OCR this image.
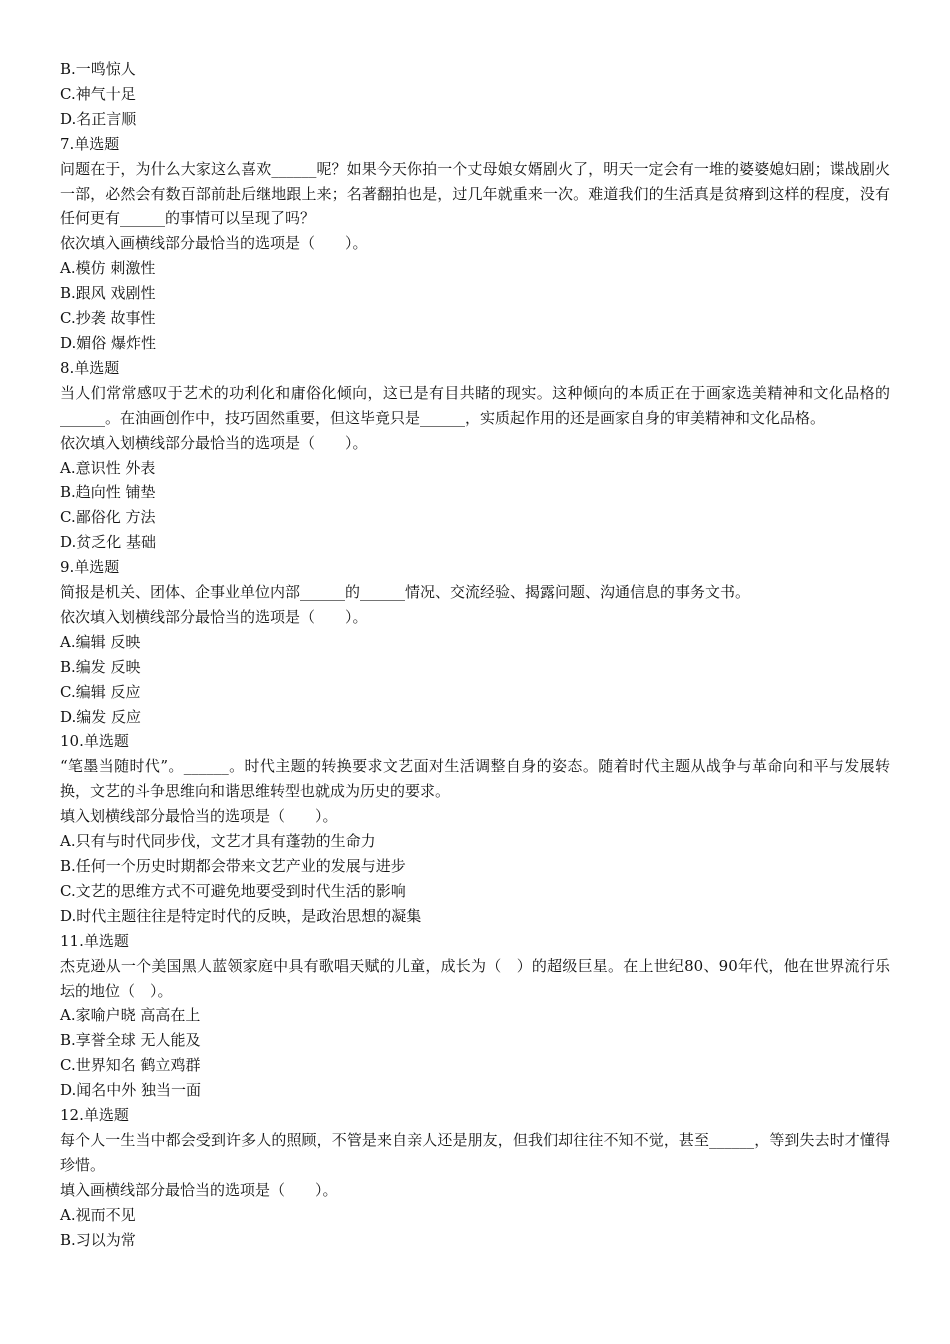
B.一鸣惊人

C.神气十足

D.名正言顺

7.单选题

问题在于，为什么大家这么喜欢______呢？如果今天你拍一个丈母娘女婿剧火了，明天一定会有一堆的婆婆媳妇剧；谍战剧火一部，必然会有数百部前赴后继地跟上来；名著翻拍也是，过几年就重来一次。难道我们的生活真是贫瘠到这样的程度，没有任何更有______的事情可以呈现了吗？

依次填入画横线部分最恰当的选项是（　　）。

A.模仿 刺激性

B.跟风 戏剧性

C.抄袭 故事性

D.媚俗 爆炸性

8.单选题

当人们常常感叹于艺术的功利化和庸俗化倾向，这已是有目共睹的现实。这种倾向的本质正在于画家选美精神和文化品格的______。在油画创作中，技巧固然重要，但这毕竟只是______，实质起作用的还是画家自身的审美精神和文化品格。

依次填入划横线部分最恰当的选项是（　　）。

A.意识性 外表

B.趋向性 铺垫

C.鄙俗化 方法

D.贫乏化 基础

9.单选题

简报是机关、团体、企事业单位内部______的______情况、交流经验、揭露问题、沟通信息的事务文书。

依次填入划横线部分最恰当的选项是（　　）。

A.编辑 反映

B.编发 反映

C.编辑 反应

D.编发 反应

10.单选题

“笔墨当随时代”。______。时代主题的转换要求文艺面对生活调整自身的姿态。随着时代主题从战争与革命向和平与发展转换，文艺的斗争思维向和谐思维转型也就成为历史的要求。

填入划横线部分最恰当的选项是（　　）。

A.只有与时代同步伐，文艺才具有蓬勃的生命力

B.任何一个历史时期都会带来文艺产业的发展与进步

C.文艺的思维方式不可避免地要受到时代生活的影响

D.时代主题往往是特定时代的反映，是政治思想的凝集

11.单选题

杰克逊从一个美国黑人蓝领家庭中具有歌唱天赋的儿童，成长为（　）的超级巨星。在上世纪80、90年代，他在世界流行乐坛的地位（　）。

A.家喻户晓 高高在上

B.享誉全球 无人能及

C.世界知名 鹤立鸡群

D.闻名中外 独当一面

12.单选题

每个人一生当中都会受到许多人的照顾，不管是来自亲人还是朋友，但我们却往往不知不觉，甚至______，等到失去时才懂得珍惜。

填入画横线部分最恰当的选项是（　　）。

A.视而不见

B.习以为常
